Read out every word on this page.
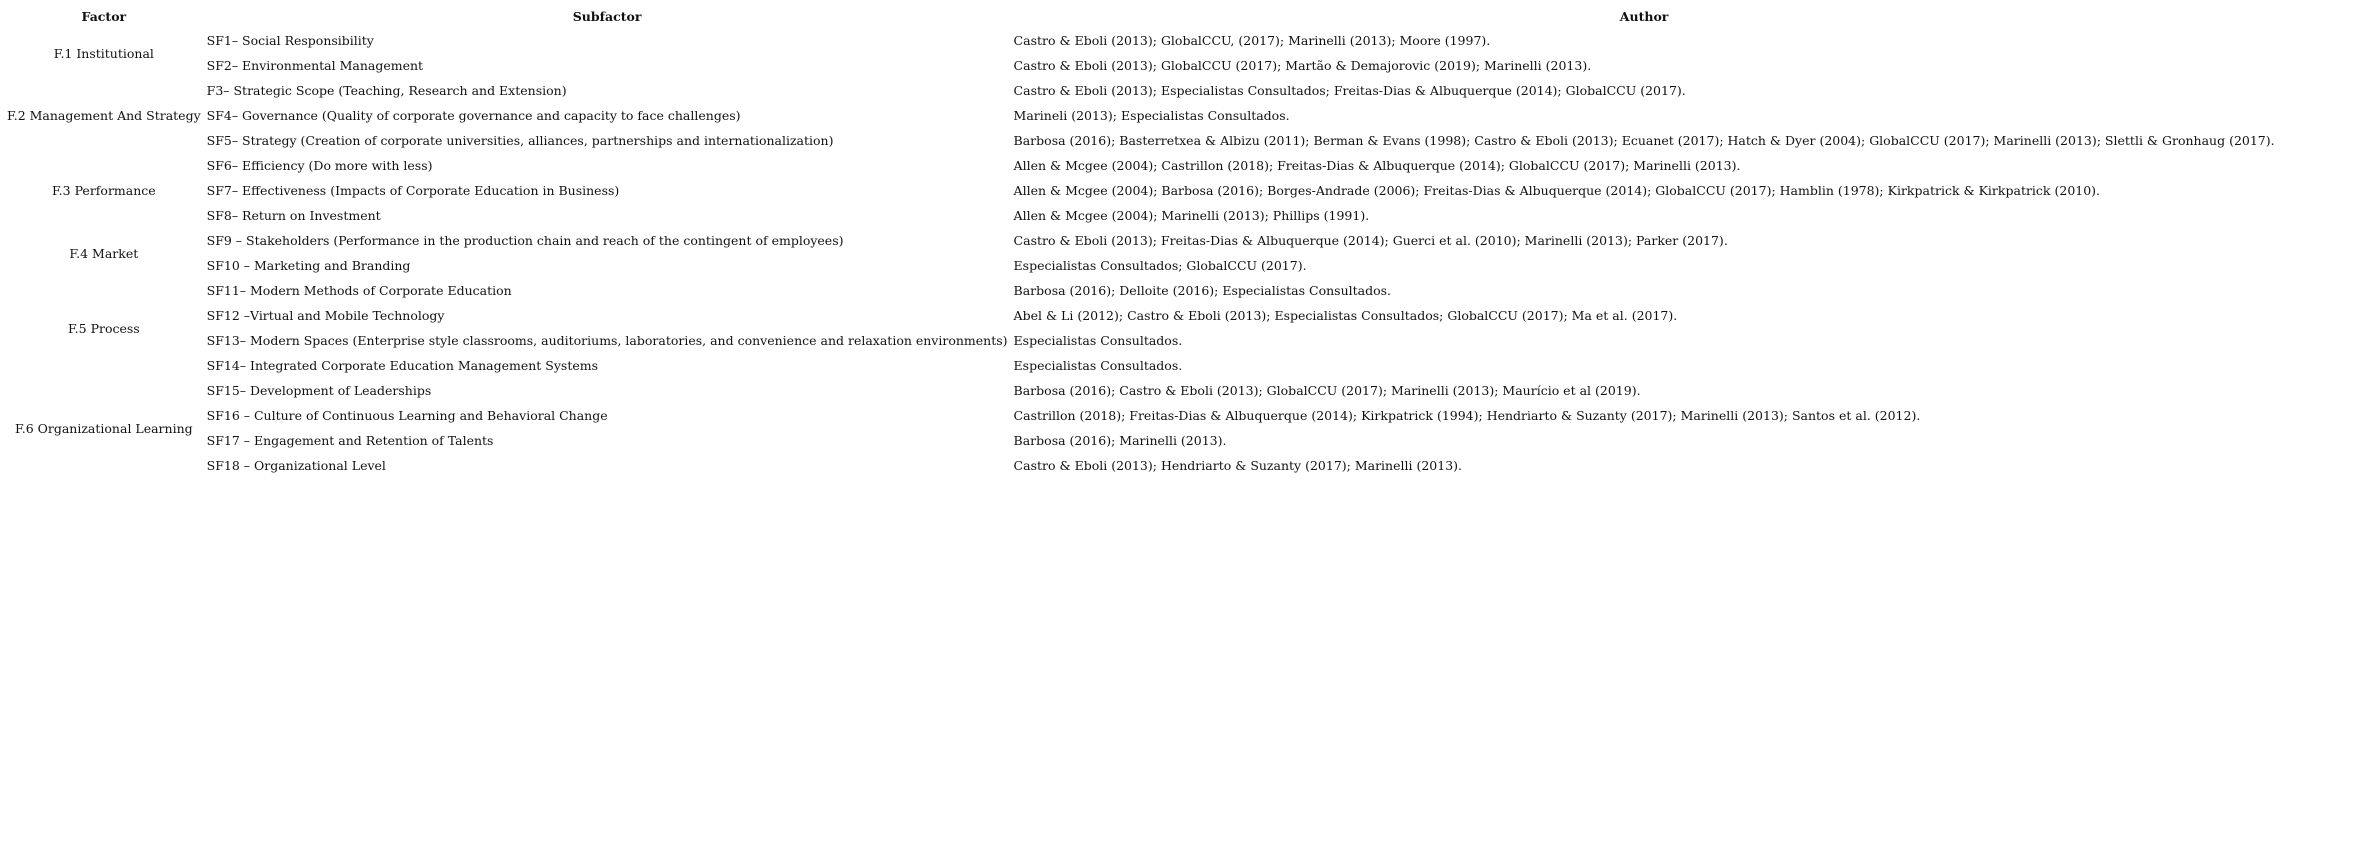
Factor	Subfactor	Author
F.1 Institutional	SF1– Social Responsibility	Castro & Eboli (2013); GlobalCCU, (2017); Marinelli (2013); Moore (1997).
	SF2– Environmental Management	Castro & Eboli (2013); GlobalCCU (2017); Martão & Demajorovic (2019); Marinelli (2013).
F.2 Management And Strategy	F3– Strategic Scope (Teaching, Research and Extension)	Castro & Eboli (2013); Especialistas Consultados; Freitas-Dias & Albuquerque (2014); GlobalCCU (2017).
	SF4– Governance (Quality of corporate governance and capacity to face challenges)	Marineli (2013); Especialistas Consultados.
	SF5– Strategy (Creation of corporate universities, alliances, partnerships and internationalization)	Barbosa (2016); Basterretxea & Albizu (2011); Berman & Evans (1998); Castro & Eboli (2013); Ecuanet (2017); Hatch & Dyer (2004); GlobalCCU (2017); Marinelli (2013); Slettli & Gronhaug (2017).
F.3 Performance	SF6– Efficiency (Do more with less)	Allen & Mcgee (2004); Castrillon (2018); Freitas-Dias & Albuquerque (2014); GlobalCCU (2017); Marinelli (2013).
	SF7– Effectiveness (Impacts of Corporate Education in Business)	Allen & Mcgee (2004); Barbosa (2016); Borges-Andrade (2006); Freitas-Dias & Albuquerque (2014); GlobalCCU (2017); Hamblin (1978); Kirkpatrick & Kirkpatrick (2010).
	SF8– Return on Investment	Allen & Mcgee (2004); Marinelli (2013); Phillips (1991).
F.4 Market	SF9 – Stakeholders (Performance in the production chain and reach of the contingent of employees)	Castro & Eboli (2013); Freitas-Dias & Albuquerque (2014); Guerci et al. (2010); Marinelli (2013); Parker (2017).
	SF10 – Marketing and Branding	Especialistas Consultados; GlobalCCU (2017).
F.5 Process	SF11– Modern Methods of Corporate Education	Barbosa (2016); Delloite (2016); Especialistas Consultados.
	SF12 –Virtual and Mobile Technology	Abel & Li (2012); Castro & Eboli (2013); Especialistas Consultados; GlobalCCU (2017); Ma et al. (2017).
	SF13– Modern Spaces (Enterprise style classrooms, auditoriums, laboratories, and convenience and relaxation environments)	Especialistas Consultados.
	SF14– Integrated Corporate Education Management Systems	Especialistas Consultados.
F.6 Organizational Learning	SF15– Development of Leaderships	Barbosa (2016); Castro & Eboli (2013); GlobalCCU (2017); Marinelli (2013); Maurício et al (2019).
	SF16 – Culture of Continuous Learning and Behavioral Change	Castrillon (2018); Freitas-Dias & Albuquerque (2014); Kirkpatrick (1994); Hendriarto & Suzanty (2017); Marinelli (2013); Santos et al. (2012).
	SF17 – Engagement and Retention of Talents	Barbosa (2016); Marinelli (2013).
	SF18 – Organizational Level	Castro & Eboli (2013); Hendriarto & Suzanty (2017); Marinelli (2013).
